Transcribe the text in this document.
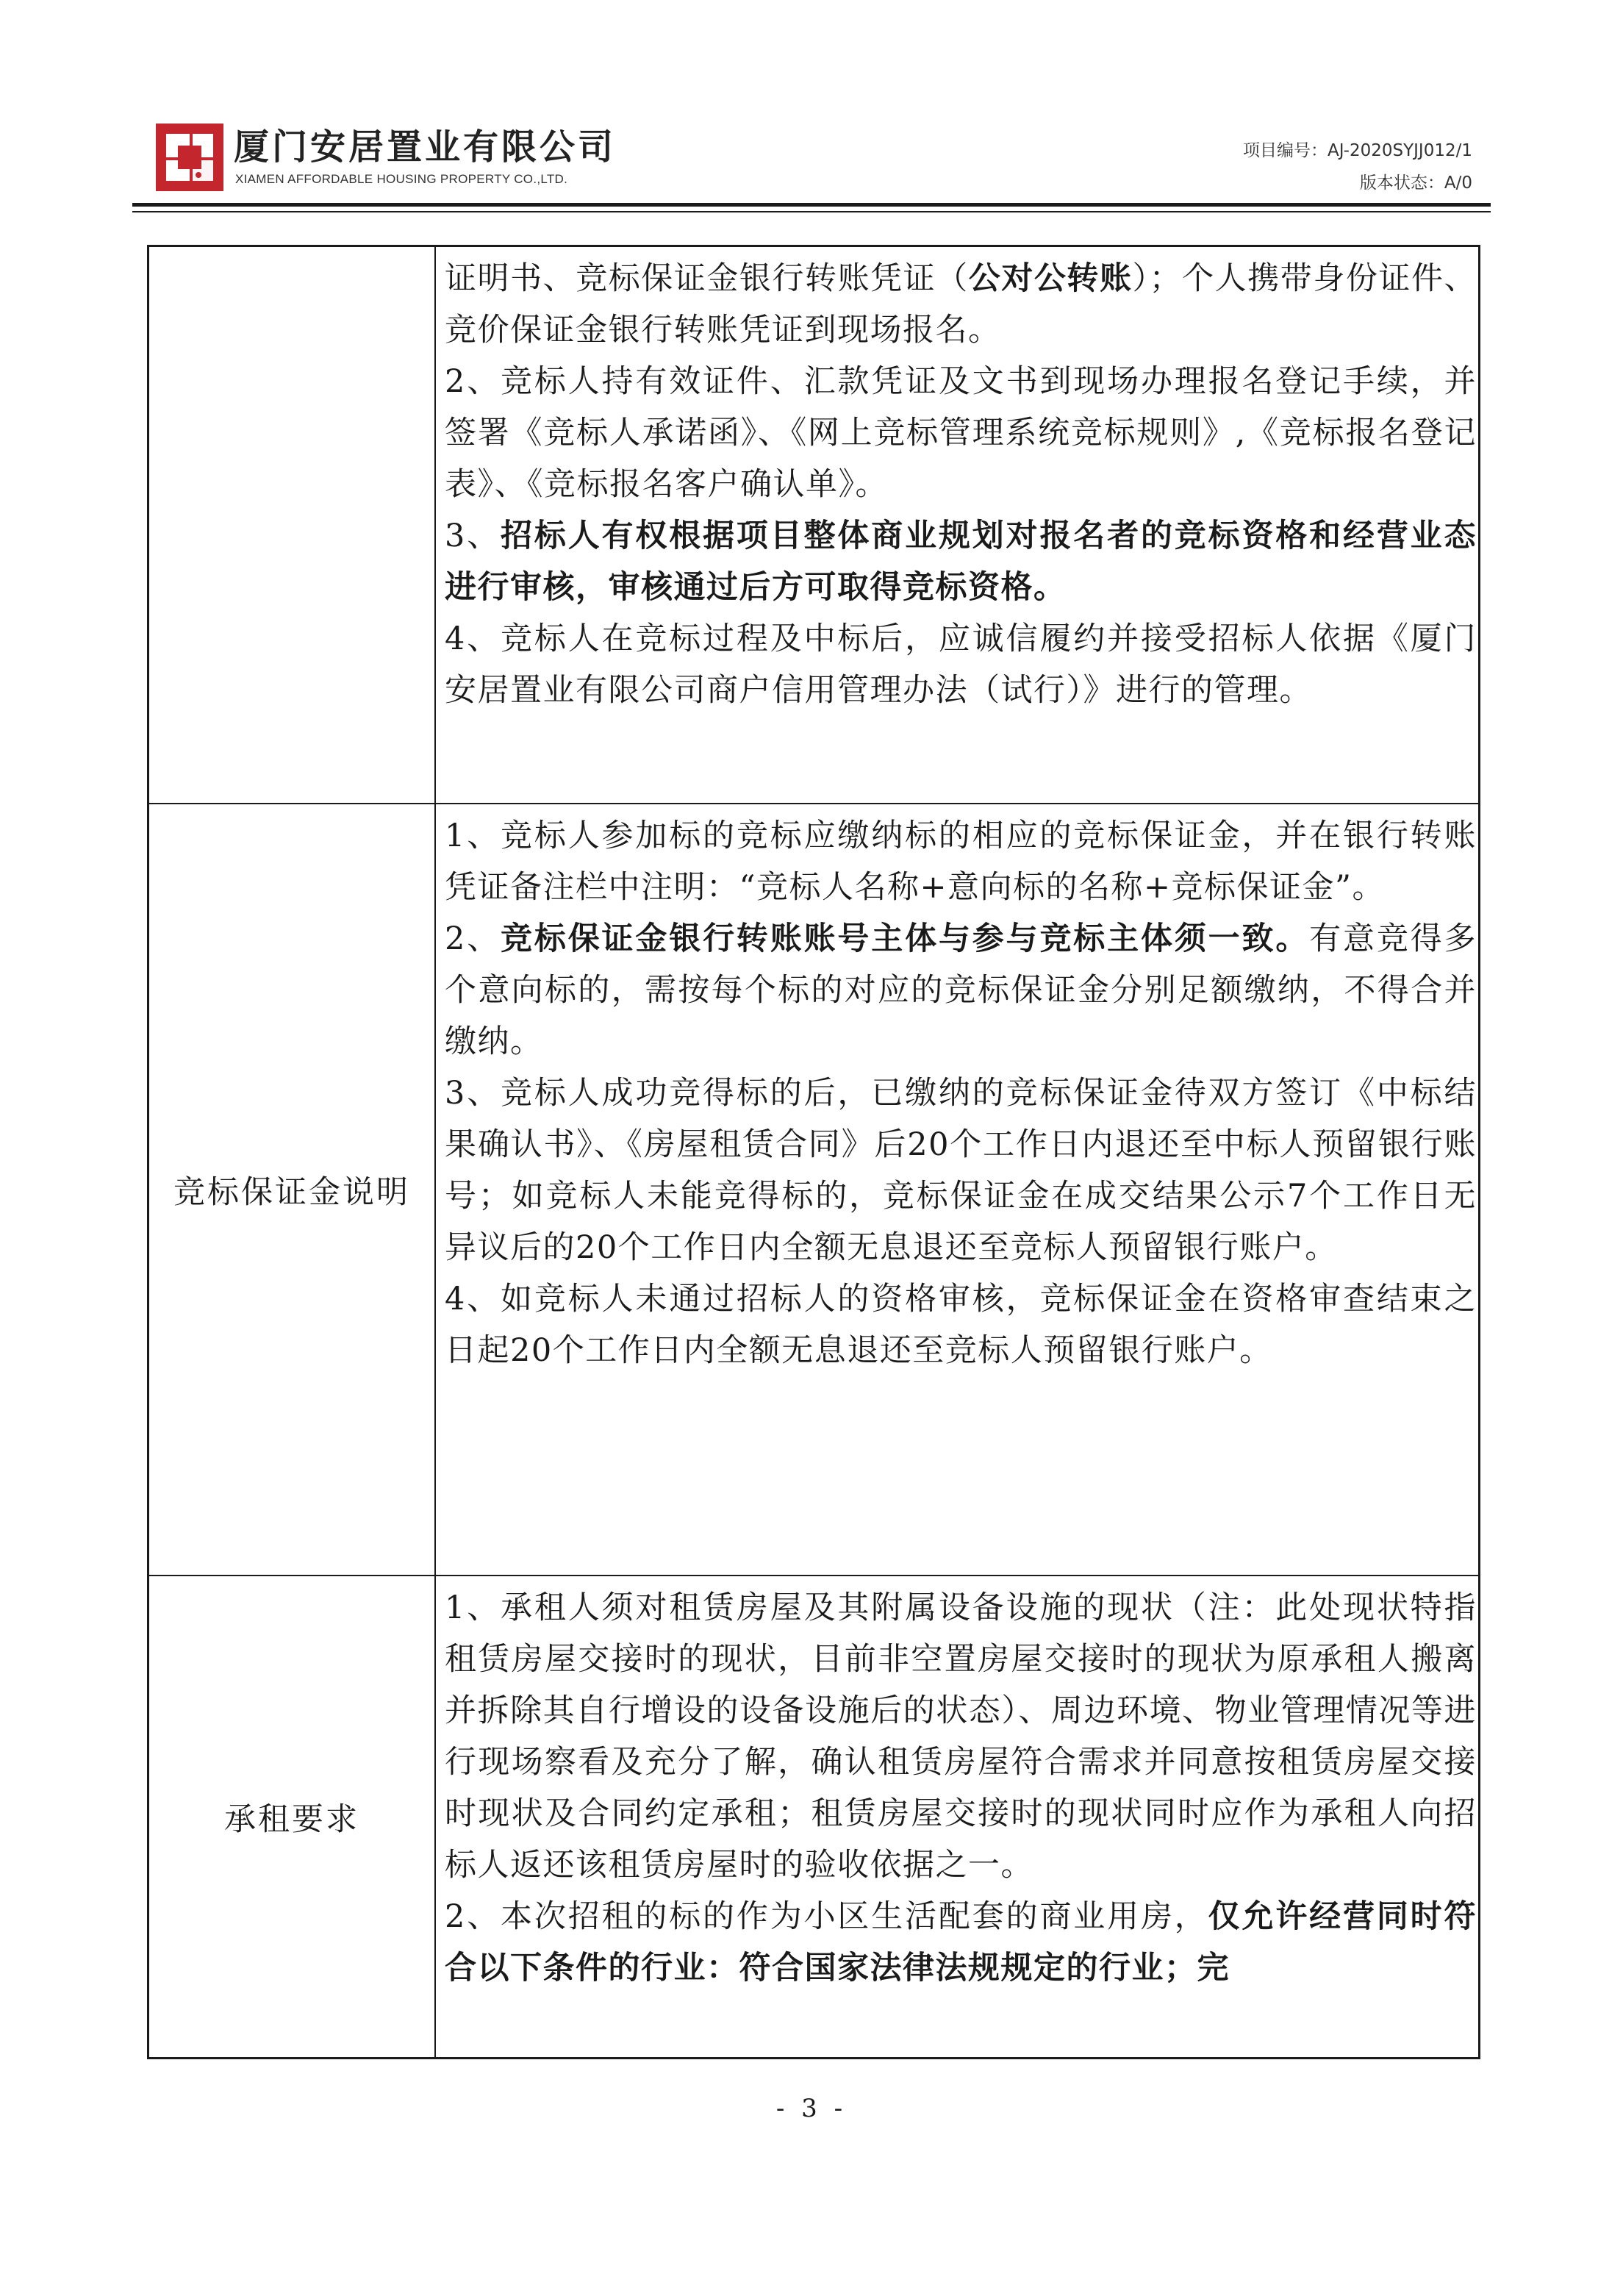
厦门安居置业有限公司
XIAMEN AFFORDABLE HOUSING PROPERTY CO.,LTD.
项目编号：AJ-2020SYJJ012/1
版本状态：A/0

证明书、竞标保证金银行转账凭证（公对公转账）；个人携带身份证件、竞价保证金银行转账凭证到现场报名。

2、竞标人持有效证件、汇款凭证及文书到现场办理报名登记手续，并签署《竞标人承诺函》、《网上竞标管理系统竞标规则》,《竞标报名登记表》、《竞标报名客户确认单》。

3、招标人有权根据项目整体商业规划对报名者的竞标资格和经营业态进行审核，审核通过后方可取得竞标资格。

4、竞标人在竞标过程及中标后，应诚信履约并接受招标人依据《厦门安居置业有限公司商户信用管理办法（试行）》进行的管理。

竞标保证金说明

1、竞标人参加标的竞标应缴纳标的相应的竞标保证金，并在银行转账凭证备注栏中注明：“竞标人名称+意向标的名称+竞标保证金”。

2、竞标保证金银行转账账号主体与参与竞标主体须一致。有意竞得多个意向标的，需按每个标的对应的竞标保证金分别足额缴纳，不得合并缴纳。

3、竞标人成功竞得标的后，已缴纳的竞标保证金待双方签订《中标结果确认书》、《房屋租赁合同》后20个工作日内退还至中标人预留银行账号；如竞标人未能竞得标的，竞标保证金在成交结果公示7个工作日无异议后的20个工作日内全额无息退还至竞标人预留银行账户。

4、如竞标人未通过招标人的资格审核，竞标保证金在资格审查结束之日起20个工作日内全额无息退还至竞标人预留银行账户。

承租要求

1、承租人须对租赁房屋及其附属设备设施的现状（注：此处现状特指租赁房屋交接时的现状，目前非空置房屋交接时的现状为原承租人搬离并拆除其自行增设的设备设施后的状态）、周边环境、物业管理情况等进行现场察看及充分了解，确认租赁房屋符合需求并同意按租赁房屋交接时现状及合同约定承租；租赁房屋交接时的现状同时应作为承租人向招标人返还该租赁房屋时的验收依据之一。

2、本次招租的标的作为小区生活配套的商业用房，仅允许经营同时符合以下条件的行业：符合国家法律法规规定的行业；完

- 3 -
